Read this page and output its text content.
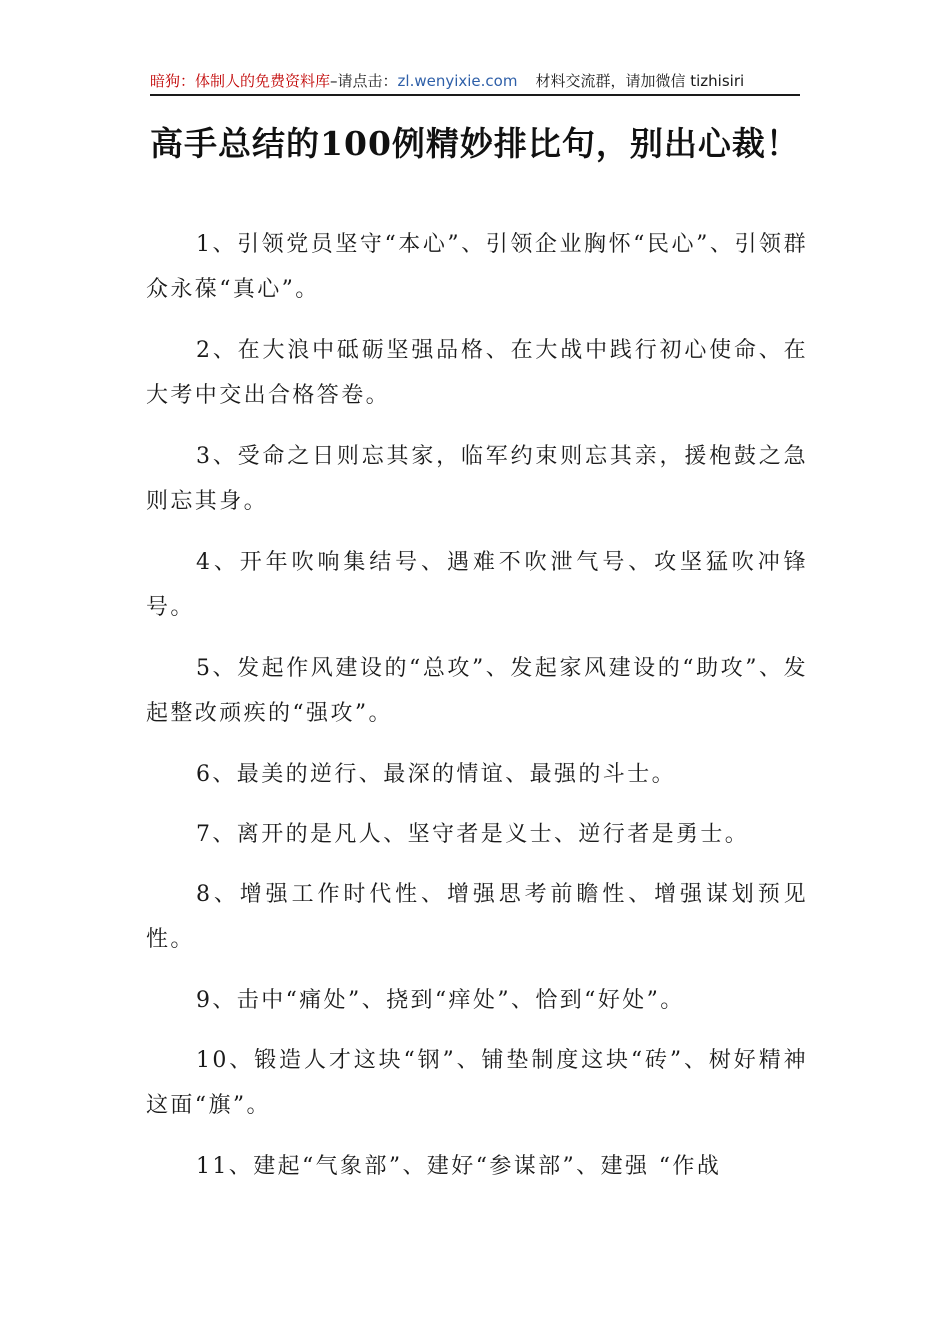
暗狗：体制人的免费资料库–请点击：zl.wenyixie.com 材料交流群，请加微信 tizhisiri
高手总结的100例精妙排比句，别出心裁！

1、引领党员坚守“本心”、引领企业胸怀“民心”、引领群众永葆“真心”。

2、在大浪中砥砺坚强品格、在大战中践行初心使命、在大考中交出合格答卷。

3、受命之日则忘其家，临军约束则忘其亲，援枹鼓之急则忘其身。

4、开年吹响集结号、遇难不吹泄气号、攻坚猛吹冲锋号。

5、发起作风建设的“总攻”、发起家风建设的“助攻”、发起整改顽疾的“强攻”。

6、最美的逆行、最深的情谊、最强的斗士。

7、离开的是凡人、坚守者是义士、逆行者是勇士。

8、增强工作时代性、增强思考前瞻性、增强谋划预见性。

9、击中“痛处”、挠到“痒处”、恰到“好处”。

10、锻造人才这块“钢”、铺垫制度这块“砖”、树好精神这面“旗”。

11、建起“气象部”、建好“参谋部”、建强 “作战
